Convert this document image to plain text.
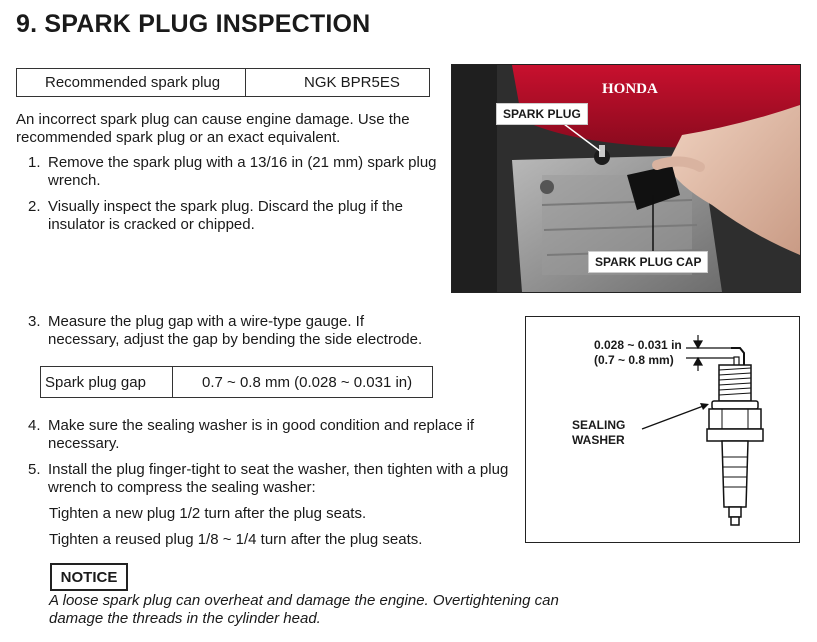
9. SPARK PLUG INSPECTION
Recommended spark plug	NGK BPR5ES
An incorrect spark plug can cause engine damage. Use the
recommended spark plug or an exact equivalent.
1. Remove the spark plug with a 13/16 in (21 mm) spark plug
wrench.
2. Visually inspect the spark plug. Discard the plug if the
insulator is cracked or chipped.
HONDA
SPARK PLUG
SPARK PLUG CAP
3. Measure the plug gap with a wire-type gauge. If
necessary, adjust the gap by bending the side electrode.
Spark plug gap	0.7 ~ 0.8 mm (0.028 ~ 0.031 in)
4. Make sure the sealing washer is in good condition and replace if
necessary.
5. Install the plug finger-tight to seat the washer, then tighten with a plug
wrench to compress the sealing washer:
Tighten a new plug 1/2 turn after the plug seats.
Tighten a reused plug 1/8 ~ 1/4 turn after the plug seats.
0.028 ~ 0.031 in
(0.7 ~ 0.8 mm)
SEALING
WASHER
NOTICE
A loose spark plug can overheat and damage the engine. Overtightening can
damage the threads in the cylinder head.
